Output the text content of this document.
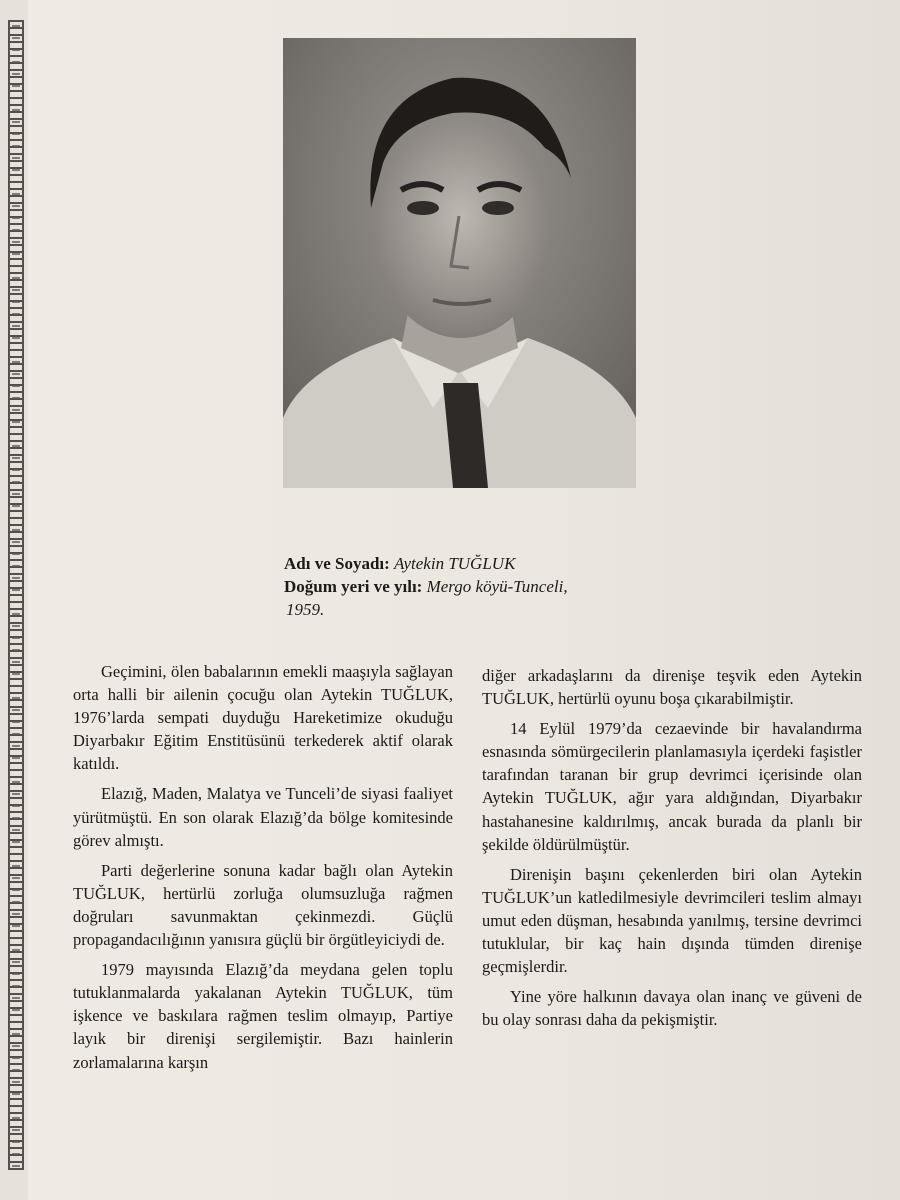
Adı ve Soyadı: Aytekin TUĞLUK
Doğum yeri ve yılı: Mergo köyü-Tunceli,
1959.

Geçimini, ölen babalarının emekli maaşıyla sağlayan orta halli bir ailenin çocuğu olan Aytekin TUĞLUK, 1976’larda sempati duyduğu Hareketimize okuduğu Diyarbakır Eğitim Enstitüsünü terkederek aktif olarak katıldı.

Elazığ, Maden, Malatya ve Tunceli’de siyasi faaliyet yürütmüştü. En son olarak Elazığ’da bölge komitesinde görev almıştı.

Parti değerlerine sonuna kadar bağlı olan Aytekin TUĞLUK, hertürlü zorluğa olumsuzluğa rağmen doğruları savunmaktan çekinmezdi. Güçlü propagandacılığının yanısıra güçlü bir örgütleyiciydi de.

1979 mayısında Elazığ’da meydana gelen toplu tutuklanmalarda yakalanan Aytekin TUĞLUK, tüm işkence ve baskılara rağmen teslim olmayıp, Partiye layık bir direnişi sergilemiştir. Bazı hainlerin zorlamalarına karşın

diğer arkadaşlarını da direnişe teşvik eden Aytekin TUĞLUK, hertürlü oyunu boşa çıkarabilmiştir.

14 Eylül 1979’da cezaevinde bir havalandırma esnasında sömürgecilerin planlamasıyla içerdeki faşistler tarafından taranan bir grup devrimci içerisinde olan Aytekin TUĞLUK, ağır yara aldığından, Diyarbakır hastahanesine kaldırılmış, ancak burada da planlı bir şekilde öldürülmüştür.

Direnişin başını çekenlerden biri olan Aytekin TUĞLUK’un katledilmesiyle devrimcileri teslim almayı umut eden düşman, hesabında yanılmış, tersine devrimci tutuklular, bir kaç hain dışında tümden direnişe geçmişlerdir.

Yine yöre halkının davaya olan inanç ve güveni de bu olay sonrası daha da pekişmiştir.
